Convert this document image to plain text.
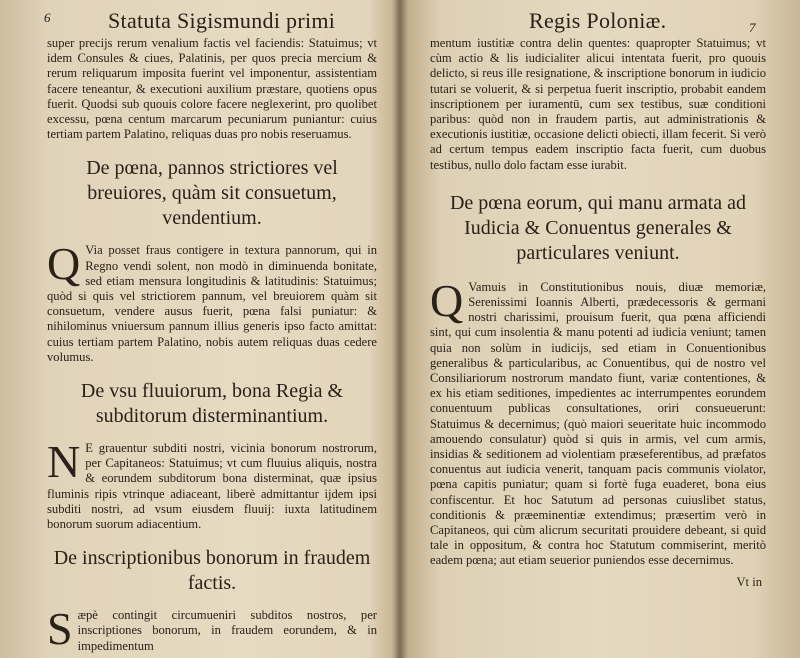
6	Statuta Sigismundi primi

super precijs rerum venalium factis vel faciendis: Statuimus; vt idem Consules & ciues, Palatinis, per quos precia mercium & rerum reliquarum imposita fuerint vel imponentur, assistentiam facere teneantur, & executioni auxilium præstare, quotiens opus fuerit. Quodsi sub quouis colore facere neglexerint, pro quolibet excessu, pœna centum marcarum pecuniarum puniantur: cuius tertiam partem Palatino, reliquas duas pro nobis reseruamus.

De pœna, pannos strictiores vel breuiores, quàm sit consuetum, vendentium.

Q Via posset fraus contigere in textura pannorum, qui in Regno vendi solent, non modò in diminuenda bonitate, sed etiam mensura longitudinis & latitudinis: Statuimus; quòd si quis vel strictiorem pannum, vel breuiorem quàm sit consuetum, vendere ausus fuerit, pœna falsi puniatur: & nihilominus vniuersum pannum illius generis ipso facto amittat: cuius tertiam partem Palatino, nobis autem reliquas duas cedere volumus.

De vsu fluuiorum, bona Regia & subditorum disterminantium.

N E grauentur subditi nostri, vicinia bonorum nostrorum, per Capitaneos: Statuimus; vt cum fluuius aliquis, nostra & eorundem subditorum bona disterminat, quæ ipsius fluminis ripis vtrinque adiaceant, liberè admittantur ijdem ipsi subditi nostri, ad vsum eiusdem fluuij: iuxta latitudinem bonorum suorum adiacentium.

De inscriptionibus bonorum in fraudem factis.

S æpè contingit circumueniri subditos nostros, per inscriptiones bonorum, in fraudem eorundem, & in impedimentum

Regis Poloniæ.	7

mentum iustitiæ contra delin quentes: quapropter Statuimus; vt cùm actio & lis iudicialiter alicui intentata fuerit, pro quouis delicto, si reus ille resignatione, & inscriptione bonorum in iudicio tutari se voluerit, & si perpetua fuerit inscriptio, probabit eandem inscriptionem per iuramentū, cum sex testibus, suæ conditioni paribus: quòd non in fraudem partis, aut administrationis & executionis iustitiæ, occasione delicti obiecti, illam fecerit. Si verò ad certum tempus eadem inscriptio facta fuerit, cum duobus testibus, nullo dolo factam esse iurabit.

De pœna eorum, qui manu armata ad Iudicia & Conuentus generales & particulares veniunt.

Q Vamuis in Constitutionibus nouis, diuæ memoriæ, Serenissimi Ioannis Alberti, prædecessoris & germani nostri charissimi, prouisum fuerit, qua pœna afficiendi sint, qui cum insolentia & manu potenti ad iudicia veniunt; tamen quia non solùm in iudicijs, sed etiam in Conuentionibus generalibus & particularibus, ac Conuentibus, qui de nostro vel Consiliariorum nostrorum mandato fiunt, variæ contentiones, & ex his etiam seditiones, impedientes ac interrumpentes eorundem conuentuum publicas consultationes, oriri consueuerunt: Statuimus & decernimus; (quò maiori seueritate huic incommodo amouendo consulatur) quòd si quis in armis, vel cum armis, insidias & seditionem ad violentiam præseferentibus, ad præfatos conuentus aut iudicia venerit, tanquam pacis communis violator, pœna capitis puniatur; quam si fortè fuga euaderet, bona eius confiscentur. Et hoc Satutum ad personas cuiuslibet status, conditionis & præeminentiæ extendimus; præsertim verò in Capitaneos, qui cùm alicrum securitati prouidere debeant, si quid tale in oppositum, & contra hoc Statutum commiserint, meritò eadem pœna; aut etiam seuerior puniendos esse decernimus.

Vt in
